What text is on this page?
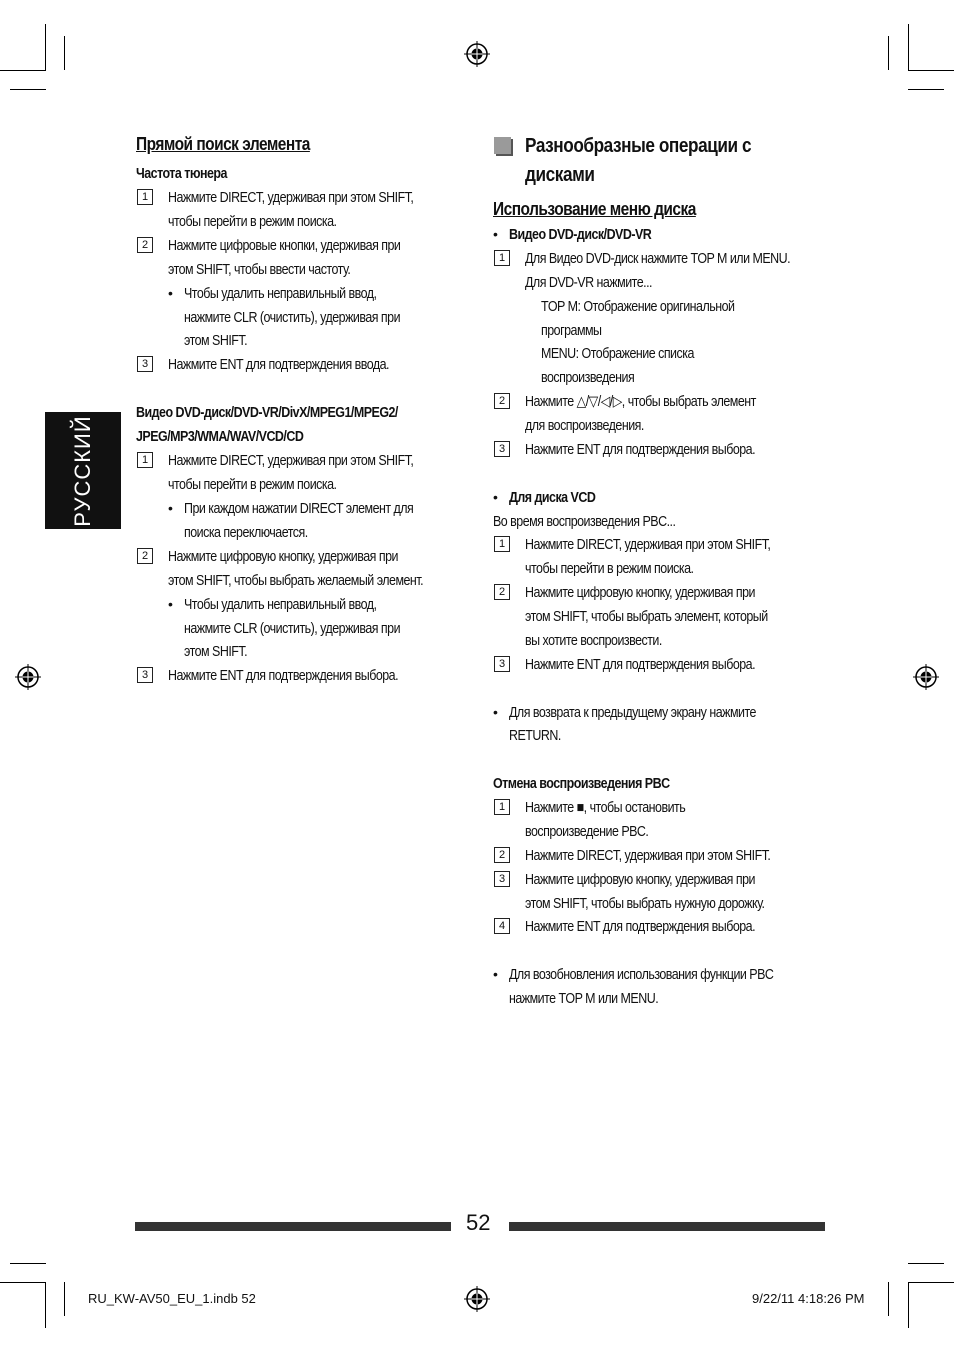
РУССКИЙ
Прямой поиск элемента
Частота тюнера
1	Нажмите DIRECT, удерживая при этом SHIFT,
чтобы перейти в режим поиска.
2	Нажмите цифровые кнопки, удерживая при
этом SHIFT, чтобы ввести частоту.
• Чтобы удалить неправильный ввод,
нажмите CLR (очистить), удерживая при
этом SHIFT.
3	Нажмите ENT для подтверждения ввода.
Видео DVD-диск/DVD-VR/DivX/MPEG1/MPEG2/
JPEG/MP3/WMA/WAV/VCD/CD
1	Нажмите DIRECT, удерживая при этом SHIFT,
чтобы перейти в режим поиска.
• При каждом нажатии DIRECT элемент для
поиска переключается.
2	Нажмите цифровую кнопку, удерживая при
этом SHIFT, чтобы выбрать желаемый элемент.
• Чтобы удалить неправильный ввод,
нажмите CLR (очистить), удерживая при
этом SHIFT.
3	Нажмите ENT для подтверждения выбора.
Разнообразные операции с
дисками
Использование меню диска
• Видео DVD-диск/DVD-VR
1	Для Видео DVD-диск нажмите TOP M или MENU.
Для DVD-VR нажмите...
TOP M: Отображение оригинальной
программы
MENU: Отображение списка
воспроизведения
2	Нажмите △/▽/◁/▷, чтобы выбрать элемент
для воспроизведения.
3	Нажмите ENT для подтверждения выбора.
• Для диска VCD
Во время воспроизведения PBC...
1	Нажмите DIRECT, удерживая при этом SHIFT,
чтобы перейти в режим поиска.
2	Нажмите цифровую кнопку, удерживая при
этом SHIFT, чтобы выбрать элемент, который
вы хотите воспроизвести.
3	Нажмите ENT для подтверждения выбора.
• Для возврата к предыдущему экрану нажмите
RETURN.
Отмена воспроизведения PBC
1	Нажмите ■, чтобы остановить
воспроизведение PBC.
2	Нажмите DIRECT, удерживая при этом SHIFT.
3	Нажмите цифровую кнопку, удерживая при
этом SHIFT, чтобы выбрать нужную дорожку.
4	Нажмите ENT для подтверждения выбора.
• Для возобновления использования функции PBC
нажмите TOP M или MENU.
52
RU_KW-AV50_EU_1.indb 52	9/22/11 4:18:26 PM
